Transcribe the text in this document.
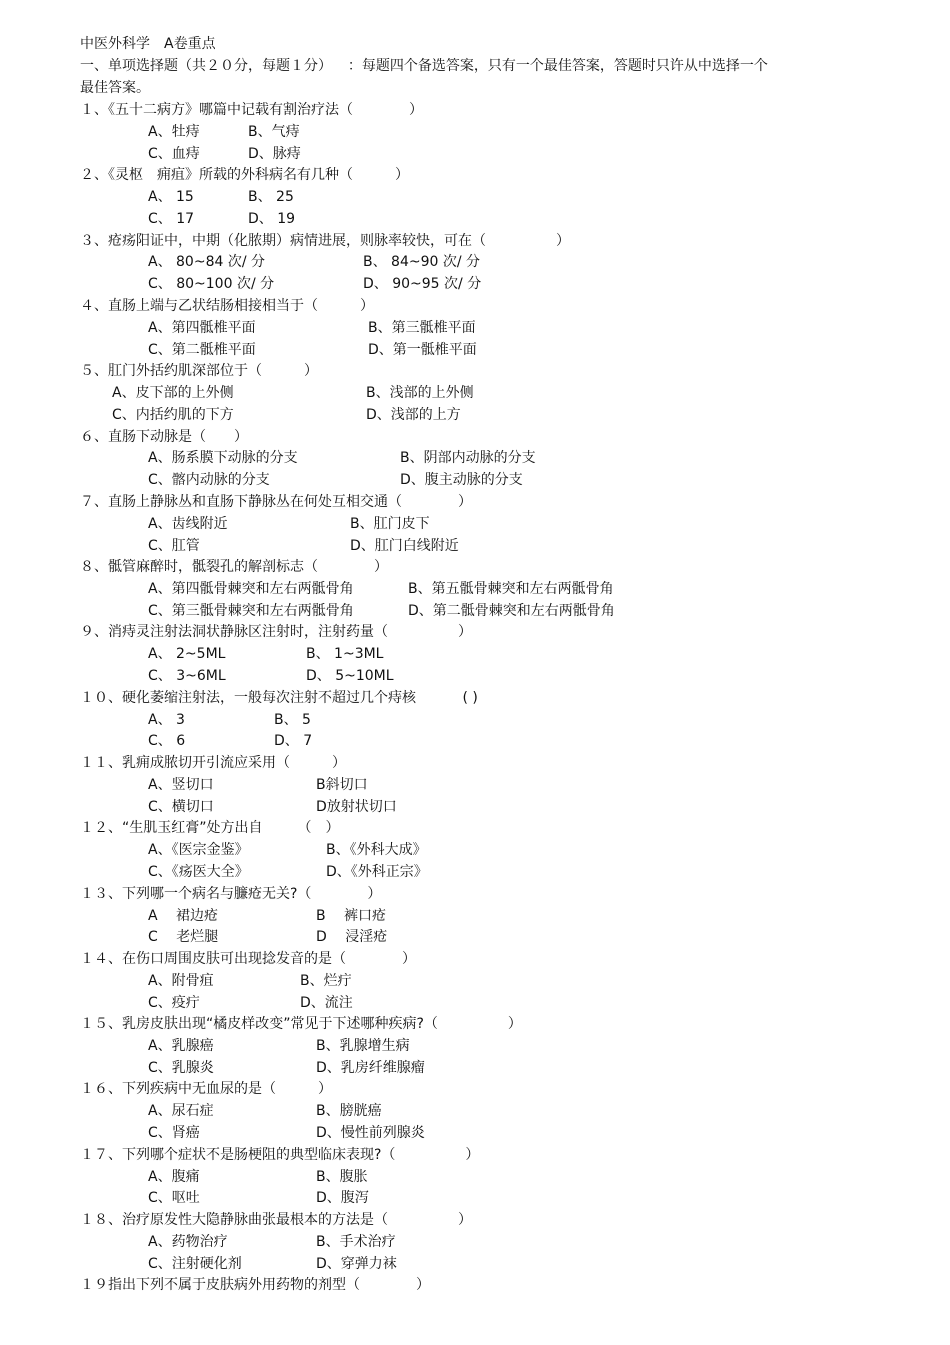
中医外科学　A卷重点
一、单项选择题（共２０分，每题１分）　  ：每题四个备选答案，只有一个最佳答案，答题时只许从中选择一个
最佳答案。
１、《五十二病方》哪篇中记载有割治疗法（　　　　）
A、牡痔	B、气痔
C、血痔	D、脉痔
２、《灵枢　痈疽》所载的外科病名有几种（　　　）
A、 15	B、 25
C、 17	D、 19
３、疮疡阳证中，中期（化脓期）病情进展，则脉率较快，可在（　　　　　）
A、 80~84 次/ 分	B、 84~90 次/ 分
C、 80~100 次/ 分	D、 90~95 次/ 分
４、直肠上端与乙状结肠相接相当于（　　　）
A、第四骶椎平面	B、第三骶椎平面
C、第二骶椎平面	D、第一骶椎平面
５、肛门外括约肌深部位于（　　　）
A、皮下部的上外侧	B、浅部的上外侧
C、内括约肌的下方	D、浅部的上方
６、直肠下动脉是（　　）
A、肠系膜下动脉的分支	B、阴部内动脉的分支
C、髂内动脉的分支	D、腹主动脉的分支
７、直肠上静脉丛和直肠下静脉丛在何处互相交通（　　　　）
A、齿线附近	B、肛门皮下
C、肛管	D、肛门白线附近
８、骶管麻醉时，骶裂孔的解剖标志（　　　　）
A、第四骶骨棘突和左右两骶骨角	B、第五骶骨棘突和左右两骶骨角
C、第三骶骨棘突和左右两骶骨角	D、第二骶骨棘突和左右两骶骨角
９、消痔灵注射法洞状静脉区注射时，注射药量（　　　　　）
A、 2~5ML	B、 1~3ML
C、 3~6ML	D、 5~10ML
１０、硬化萎缩注射法，一般每次注射不超过几个痔核　　　 ( )
A、 3	B、 5
C、 6	D、 7
１１、乳痈成脓切开引流应采用（　　　）
A、竖切口	B斜切口
C、横切口	D放射状切口
１２、“生肌玉红膏”处方出自　　　（　）
A、《医宗金鉴》	B、《外科大成》
C、《疡医大全》	D、《外科正宗》
１３、下列哪一个病名与臁疮无关?（　　　　）
A　 裙边疮	B　 裤口疮
C　 老烂腿	D　 浸淫疮
１４、在伤口周围皮肤可出现捻发音的是（　　　　）
A、附骨疽	B、烂疔
C、疫疔	D、流注
１５、乳房皮肤出现“橘皮样改变”常见于下述哪种疾病?（　　　　　）
A、乳腺癌	B、乳腺增生病
C、乳腺炎	D、乳房纤维腺瘤
１６、下列疾病中无血尿的是（　　　）
A、尿石症	B、膀胱癌
C、肾癌	D、慢性前列腺炎
１７、下列哪个症状不是肠梗阻的典型临床表现?（　　　　　）
A、腹痛	B、腹胀
C、呕吐	D、腹泻
１８、治疗原发性大隐静脉曲张最根本的方法是（　　　　　）
A、药物治疗	B、手术治疗
C、注射硬化剂	D、穿弹力袜
１９指出下列不属于皮肤病外用药物的剂型（　　　　）
